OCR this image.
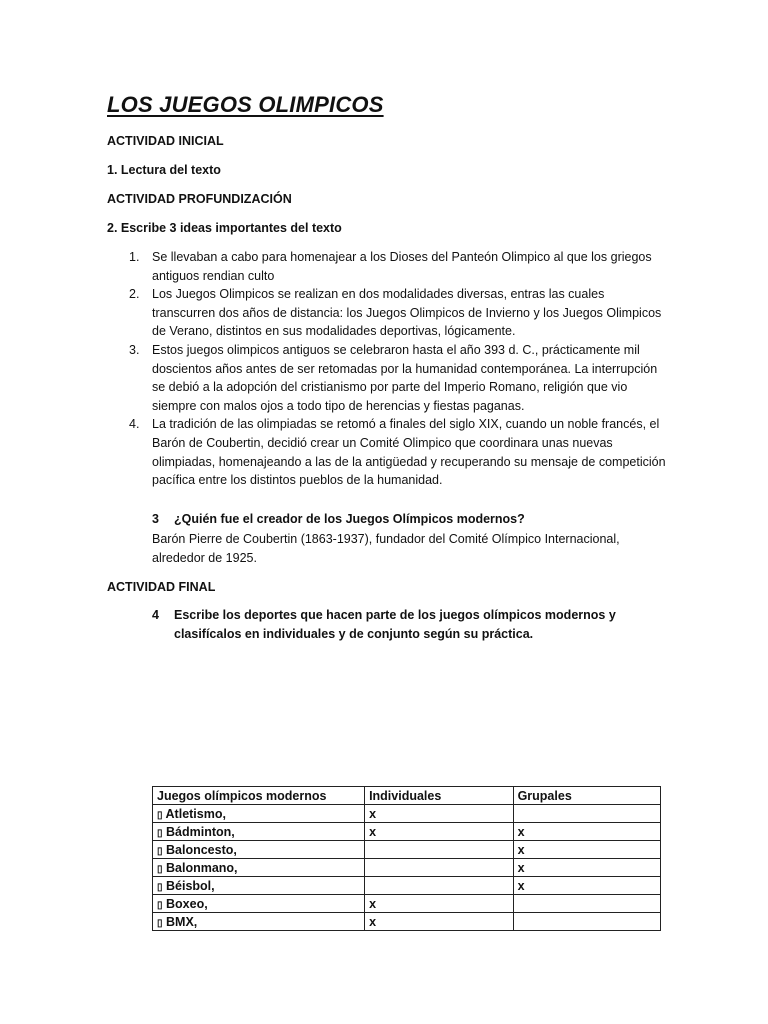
LOS JUEGOS OLIMPICOS

ACTIVIDAD INICIAL

1. Lectura del texto

ACTIVIDAD PROFUNDIZACIÓN

2. Escribe 3 ideas importantes del texto

1. Se llevaban a cabo para homenajear a los Dioses del Panteón Olimpico al que los griegos antiguos rendian culto
2. Los Juegos Olimpicos se realizan en dos modalidades diversas, entras las cuales transcurren dos años de distancia: los Juegos Olimpicos de Invierno y los Juegos Olimpicos de Verano, distintos en sus modalidades deportivas, lógicamente.
3. Estos juegos olimpicos antiguos se celebraron hasta el año 393 d. C., prácticamente mil doscientos años antes de ser retomadas por la humanidad contemporánea. La interrupción se debió a la adopción del cristianismo por parte del Imperio Romano, religión que vio siempre con malos ojos a todo tipo de herencias y fiestas paganas.
4. La tradición de las olimpiadas se retomó a finales del siglo XIX, cuando un noble francés, el Barón de Coubertin, decidió crear un Comité Olimpico que coordinara unas nuevas olimpiadas, homenajeando a las de la antigüedad y recuperando su mensaje de competición pacífica entre los distintos pueblos de la humanidad.

3 ¿Quién fue el creador de los Juegos Olímpicos modernos?

Barón Pierre de Coubertin (1863-1937), fundador del Comité Olímpico Internacional, alrededor de 1925.

ACTIVIDAD FINAL

4 Escribe los deportes que hacen parte de los juegos olímpicos modernos y clasifícalos en individuales y de conjunto según su práctica.

Juegos olímpicos modernos	Individuales	Grupales
▯ Atletismo,	x	
▯ Bádminton,	x	x
▯ Baloncesto,		x
▯ Balonmano,		x
▯ Béisbol,		x
▯ Boxeo,	x	
▯ BMX,	x	
